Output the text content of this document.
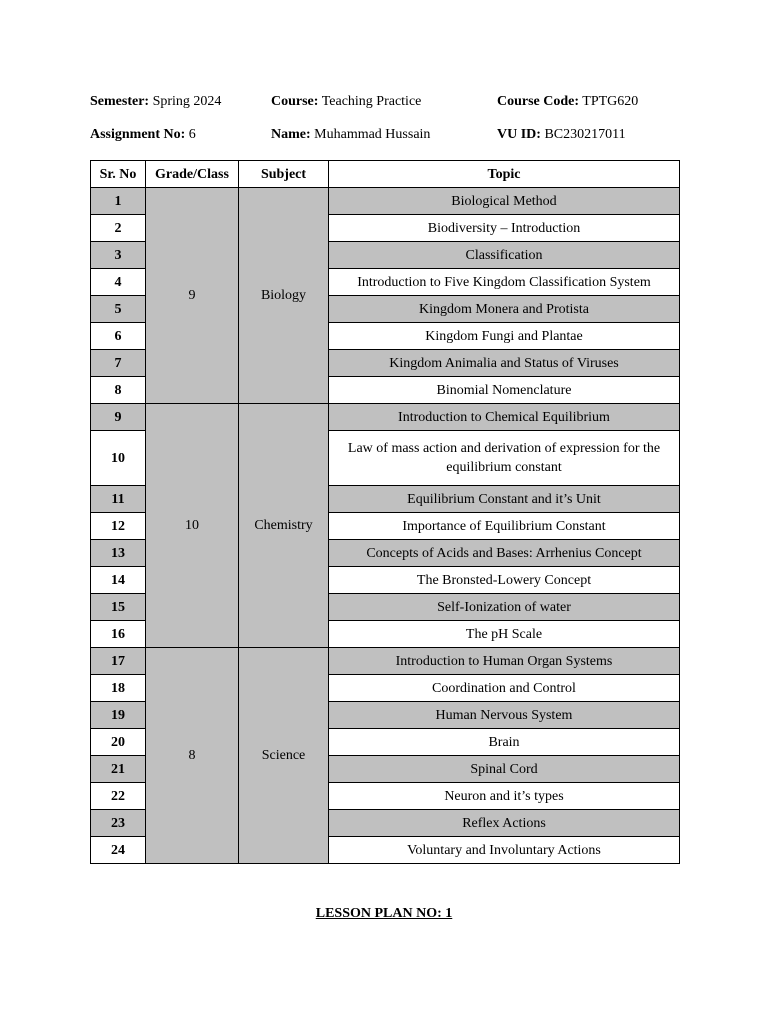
Semester: Spring 2024	Course: Teaching Practice	Course Code: TPTG620
Assignment No: 6	Name: Muhammad Hussain	VU ID: BC230217011
Sr. No	Grade/Class	Subject	Topic
1	9	Biology	Biological Method
2			Biodiversity – Introduction
3			Classification
4			Introduction to Five Kingdom Classification System
5			Kingdom Monera and Protista
6			Kingdom Fungi and Plantae
7			Kingdom Animalia and Status of Viruses
8			Binomial Nomenclature
9	10	Chemistry	Introduction to Chemical Equilibrium
10			Law of mass action and derivation of expression for the equilibrium constant
11			Equilibrium Constant and it’s Unit
12			Importance of Equilibrium Constant
13			Concepts of Acids and Bases: Arrhenius Concept
14			The Bronsted-Lowery Concept
15			Self-Ionization of water
16			The pH Scale
17	8	Science	Introduction to Human Organ Systems
18			Coordination and Control
19			Human Nervous System
20			Brain
21			Spinal Cord
22			Neuron and it’s types
23			Reflex Actions
24			Voluntary and Involuntary Actions
LESSON PLAN NO: 1
